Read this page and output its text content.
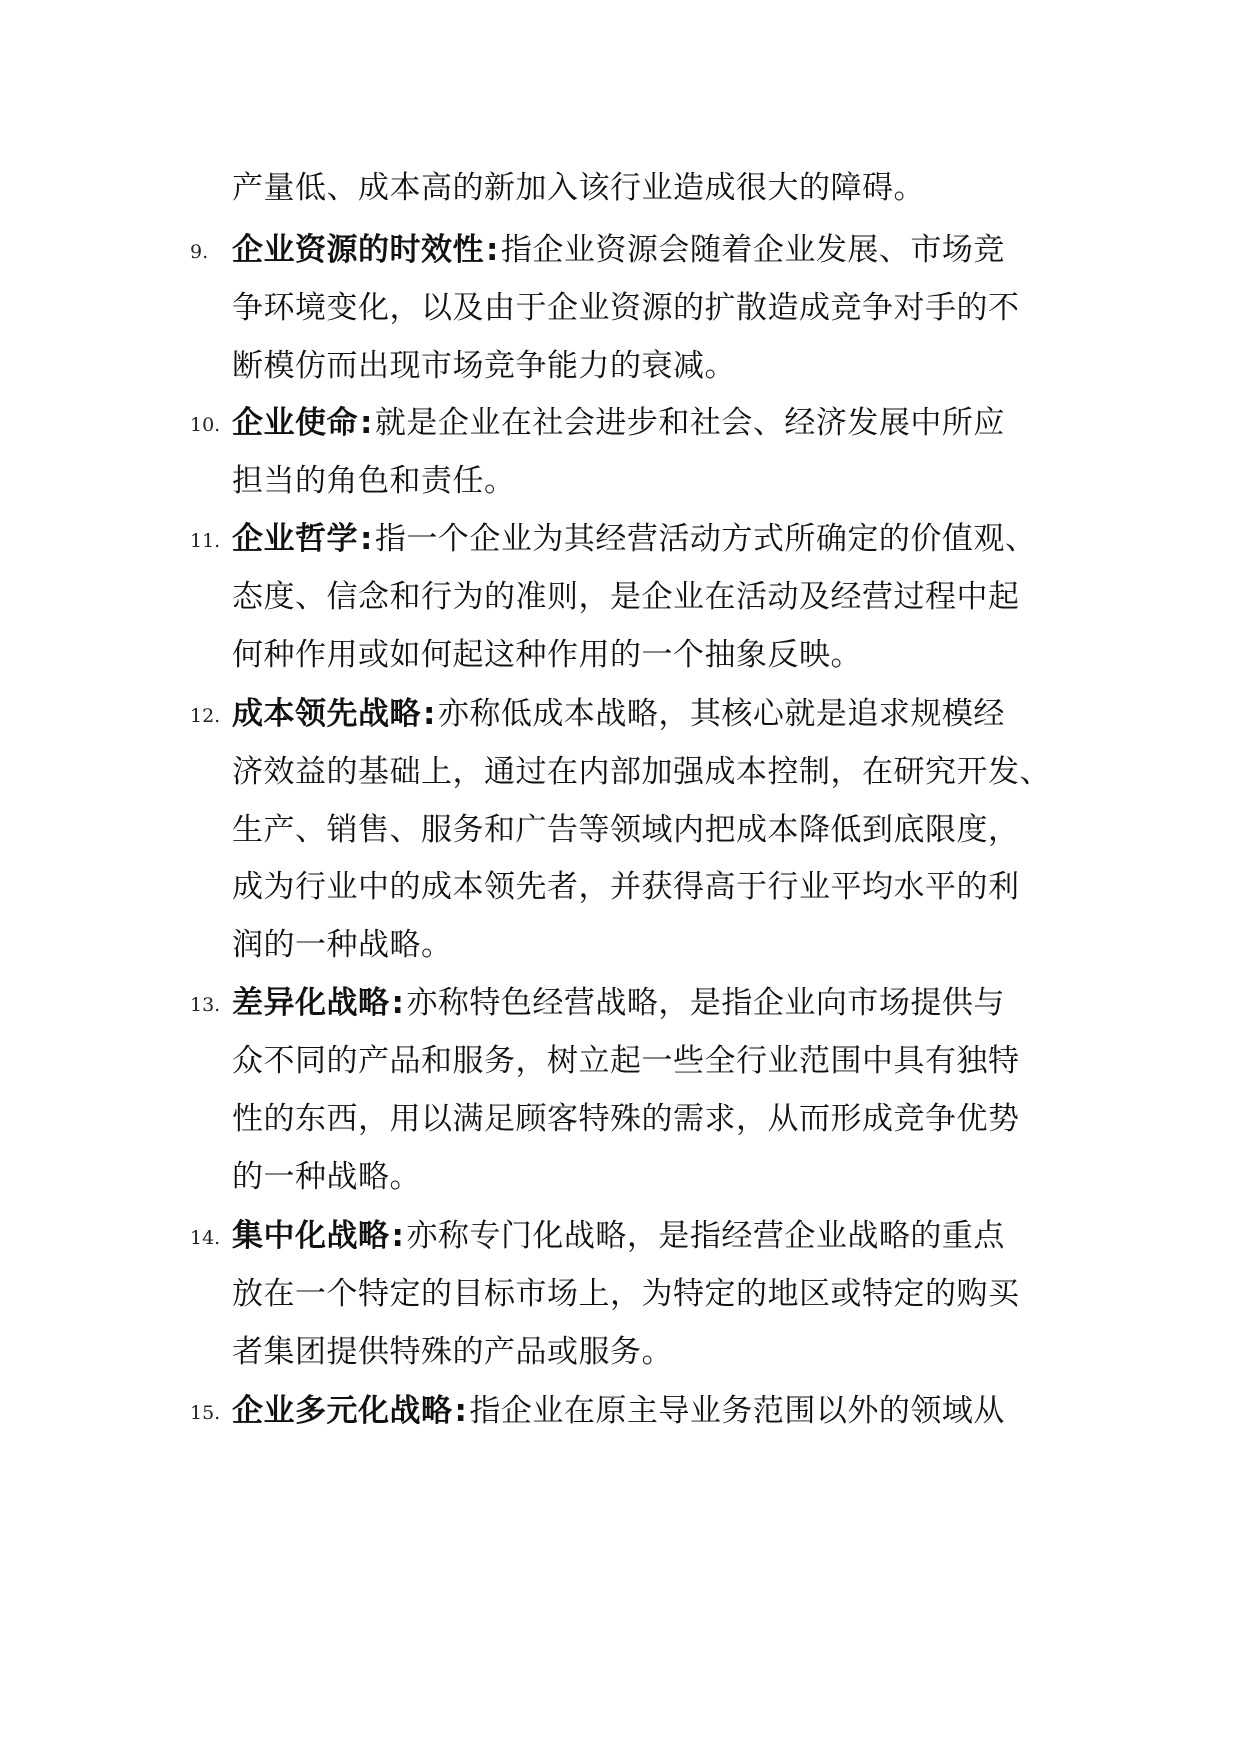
产量低、成本高的新加入该行业造成很大的障碍。
9. 企业资源的时效性:指企业资源会随着企业发展、市场竞
争环境变化，以及由于企业资源的扩散造成竞争对手的不
断模仿而出现市场竞争能力的衰减。
10. 企业使命:就是企业在社会进步和社会、经济发展中所应
担当的角色和责任。
11. 企业哲学:指一个企业为其经营活动方式所确定的价值观、
态度、信念和行为的准则，是企业在活动及经营过程中起
何种作用或如何起这种作用的一个抽象反映。
12. 成本领先战略:亦称低成本战略，其核心就是追求规模经
济效益的基础上，通过在内部加强成本控制，在研究开发、
生产、销售、服务和广告等领域内把成本降低到底限度，
成为行业中的成本领先者，并获得高于行业平均水平的利
润的一种战略。
13. 差异化战略:亦称特色经营战略，是指企业向市场提供与
众不同的产品和服务，树立起一些全行业范围中具有独特
性的东西，用以满足顾客特殊的需求，从而形成竞争优势
的一种战略。
14. 集中化战略:亦称专门化战略，是指经营企业战略的重点
放在一个特定的目标市场上，为特定的地区或特定的购买
者集团提供特殊的产品或服务。
15. 企业多元化战略:指企业在原主导业务范围以外的领域从
